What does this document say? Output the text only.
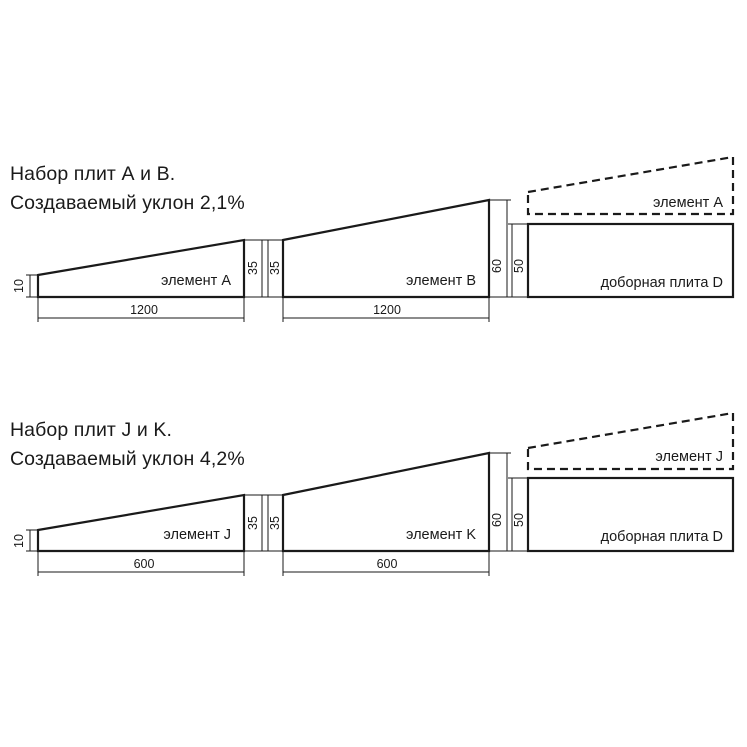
Набор плит А и В.
Создаваемый уклон 2,1%
Набор плит J и K.
Создаваемый уклон 4,2%
элемент А	элемент В
элемент А
доборная плита D
10
35 35	60 50
1200	1200
элемент J	элемент K
элемент J
доборная плита D
10
35 35	60 50
600	600
